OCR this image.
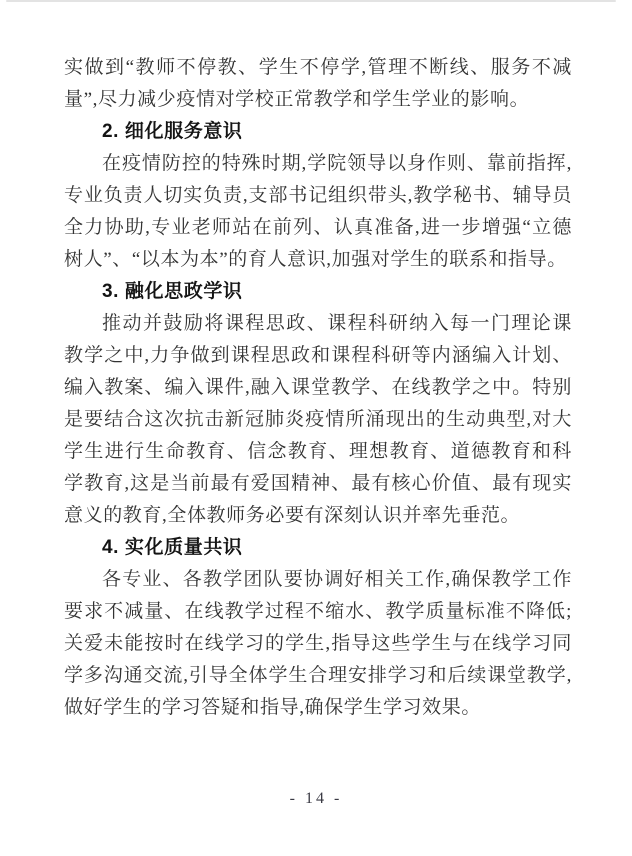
实做到“教师不停教、学生不停学,管理不断线、服务不减量”,尽力减少疫情对学校正常教学和学生学业的影响。

2. 细化服务意识

在疫情防控的特殊时期,学院领导以身作则、靠前指挥,专业负责人切实负责,支部书记组织带头,教学秘书、辅导员全力协助,专业老师站在前列、认真准备,进一步增强“立德树人”、“以本为本”的育人意识,加强对学生的联系和指导。

3. 融化思政学识

推动并鼓励将课程思政、课程科研纳入每一门理论课教学之中,力争做到课程思政和课程科研等内涵编入计划、编入教案、编入课件,融入课堂教学、在线教学之中。特别是要结合这次抗击新冠肺炎疫情所涌现出的生动典型,对大学生进行生命教育、信念教育、理想教育、道德教育和科学教育,这是当前最有爱国精神、最有核心价值、最有现实意义的教育,全体教师务必要有深刻认识并率先垂范。

4. 实化质量共识

各专业、各教学团队要协调好相关工作,确保教学工作要求不减量、在线教学过程不缩水、教学质量标准不降低;关爱未能按时在线学习的学生,指导这些学生与在线学习同学多沟通交流,引导全体学生合理安排学习和后续课堂教学,做好学生的学习答疑和指导,确保学生学习效果。

- 14 -
